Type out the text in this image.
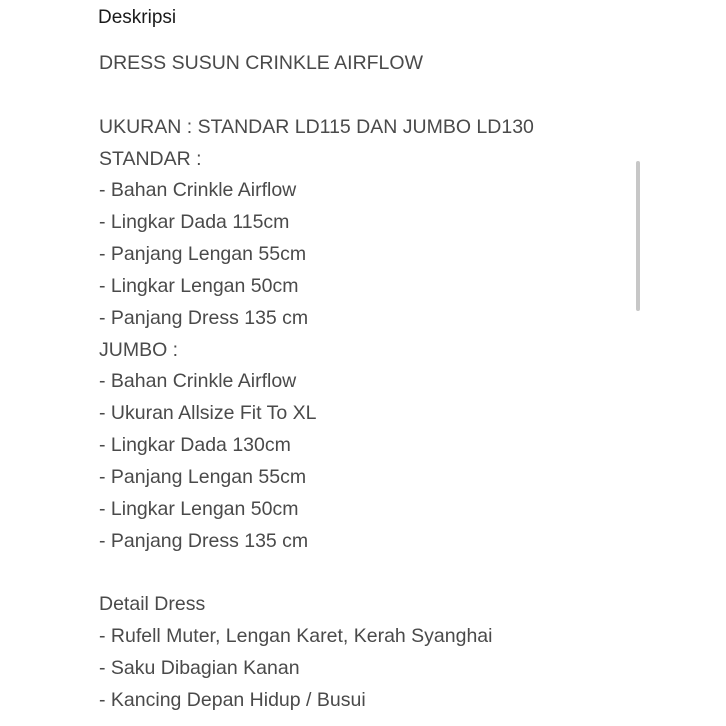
Deskripsi
DRESS SUSUN CRINKLE AIRFLOW
UKURAN : STANDAR LD115 DAN JUMBO LD130
STANDAR :
- Bahan Crinkle Airflow
- Lingkar Dada 115cm
- Panjang Lengan 55cm
- Lingkar Lengan 50cm
- Panjang Dress 135 cm
JUMBO :
- Bahan Crinkle Airflow
- Ukuran Allsize Fit To XL
- Lingkar Dada 130cm
- Panjang Lengan 55cm
- Lingkar Lengan 50cm
- Panjang Dress 135 cm
Detail Dress
- Rufell Muter, Lengan Karet, Kerah Syanghai
- Saku Dibagian Kanan
- Kancing Depan Hidup / Busui
